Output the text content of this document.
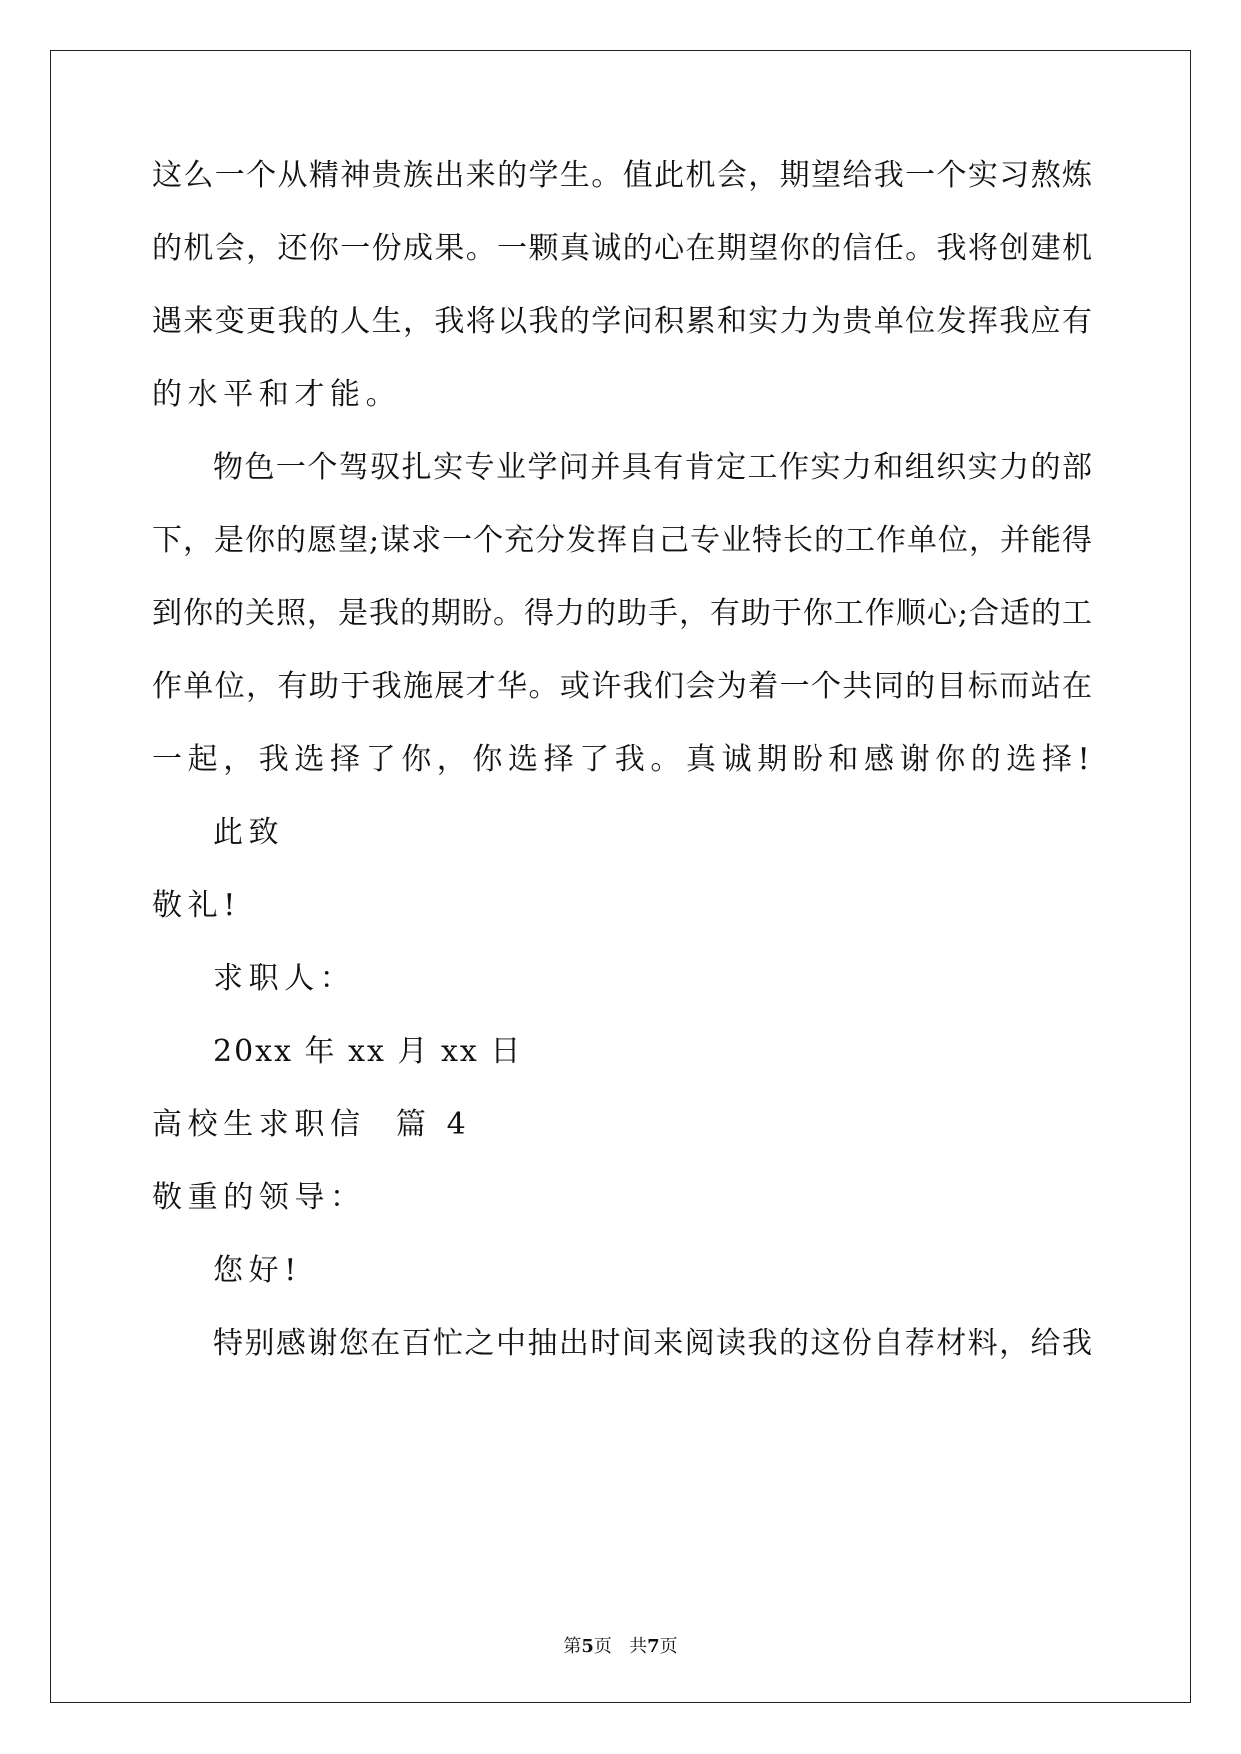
这么一个从精神贵族出来的学生。值此机会，期望给我一个实习熬炼
的机会，还你一份成果。一颗真诚的心在期望你的信任。我将创建机
遇来变更我的人生，我将以我的学问积累和实力为贵单位发挥我应有
的水平和才能。
物色一个驾驭扎实专业学问并具有肯定工作实力和组织实力的部
下，是你的愿望;谋求一个充分发挥自己专业特长的工作单位，并能得
到你的关照，是我的期盼。得力的助手，有助于你工作顺心;合适的工
作单位，有助于我施展才华。或许我们会为着一个共同的目标而站在
一起，我选择了你，你选择了我。真诚期盼和感谢你的选择!
此致
敬礼!
求职人：
20xx 年 xx 月 xx 日
高校生求职信  篇 4
敬重的领导：
您好!
特别感谢您在百忙之中抽出时间来阅读我的这份自荐材料，给我
第5页   共7页
